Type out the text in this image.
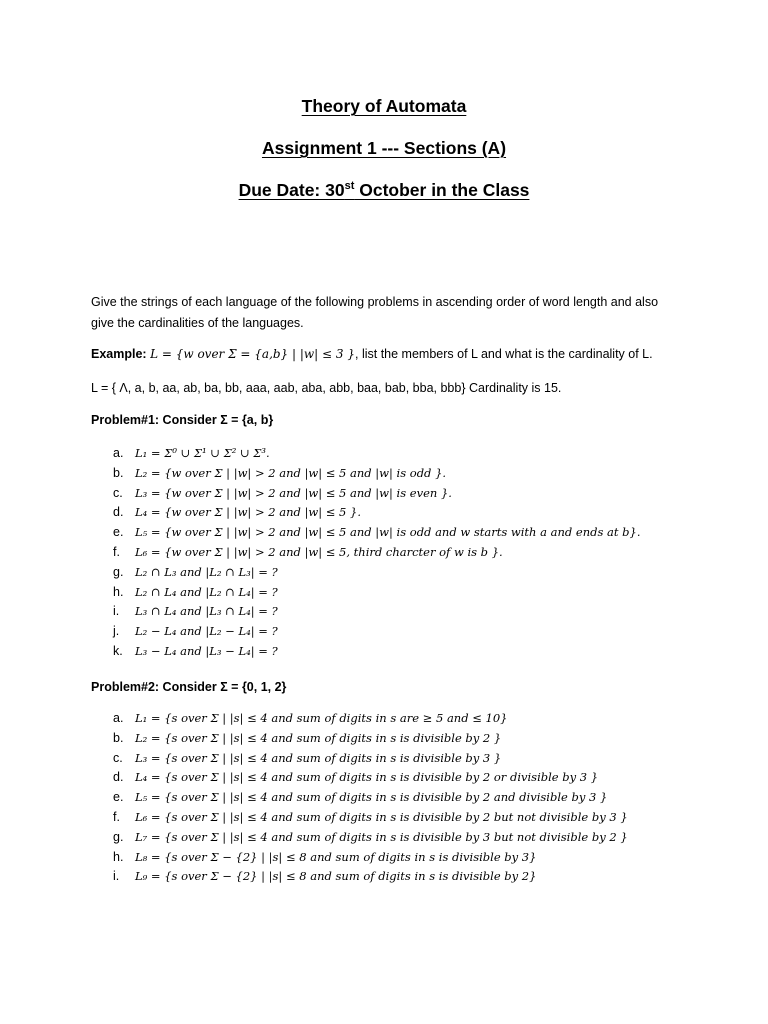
Theory of Automata
Assignment 1 --- Sections (A)
Due Date: 30st October in the Class
Give the strings of each language of the following problems in ascending order of word length and also
give the cardinalities of the languages.
Example: L = {w over Σ = {a,b} | |w| ≤ 3 }, list the members of L and what is the cardinality of L.
L = { Λ, a, b, aa, ab, ba, bb, aaa, aab, aba, abb, baa, bab, bba, bbb} Cardinality is 15.
Problem#1: Consider Σ = {a, b}
a. L₁ = Σ⁰ ∪ Σ¹ ∪ Σ² ∪ Σ³.
b. L₂ = {w over Σ | |w| > 2 and |w| ≤ 5 and |w| is odd }.
c. L₃ = {w over Σ | |w| > 2 and |w| ≤ 5 and |w| is even }.
d. L₄ = {w over Σ | |w| > 2 and |w| ≤ 5 }.
e. L₅ = {w over Σ | |w| > 2 and |w| ≤ 5 and |w| is odd and w starts with a and ends at b}.
f. L₆ = {w over Σ | |w| > 2 and |w| ≤ 5, third charcter of w is b }.
g. L₂ ∩ L₃ and |L₂ ∩ L₃| = ?
h. L₂ ∩ L₄ and |L₂ ∩ L₄| = ?
i. L₃ ∩ L₄ and |L₃ ∩ L₄| = ?
j. L₂ − L₄ and |L₂ − L₄| = ?
k. L₃ − L₄ and |L₃ − L₄| = ?
Problem#2: Consider Σ = {0, 1, 2}
a. L₁ = {s over Σ | |s| ≤ 4 and sum of digits in s are ≥ 5 and ≤ 10}
b. L₂ = {s over Σ | |s| ≤ 4 and sum of digits in s is divisible by 2 }
c. L₃ = {s over Σ | |s| ≤ 4 and sum of digits in s is divisible by 3 }
d. L₄ = {s over Σ | |s| ≤ 4 and sum of digits in s is divisible by 2 or divisible by 3 }
e. L₅ = {s over Σ | |s| ≤ 4 and sum of digits in s is divisible by 2 and divisible by 3 }
f. L₆ = {s over Σ | |s| ≤ 4 and sum of digits in s is divisible by 2 but not divisible by 3 }
g. L₇ = {s over Σ | |s| ≤ 4 and sum of digits in s is divisible by 3 but not divisible by 2 }
h. L₈ = {s over Σ − {2} | |s| ≤ 8 and sum of digits in s is divisible by 3}
i. L₉ = {s over Σ − {2} | |s| ≤ 8 and sum of digits in s is divisible by 2}
